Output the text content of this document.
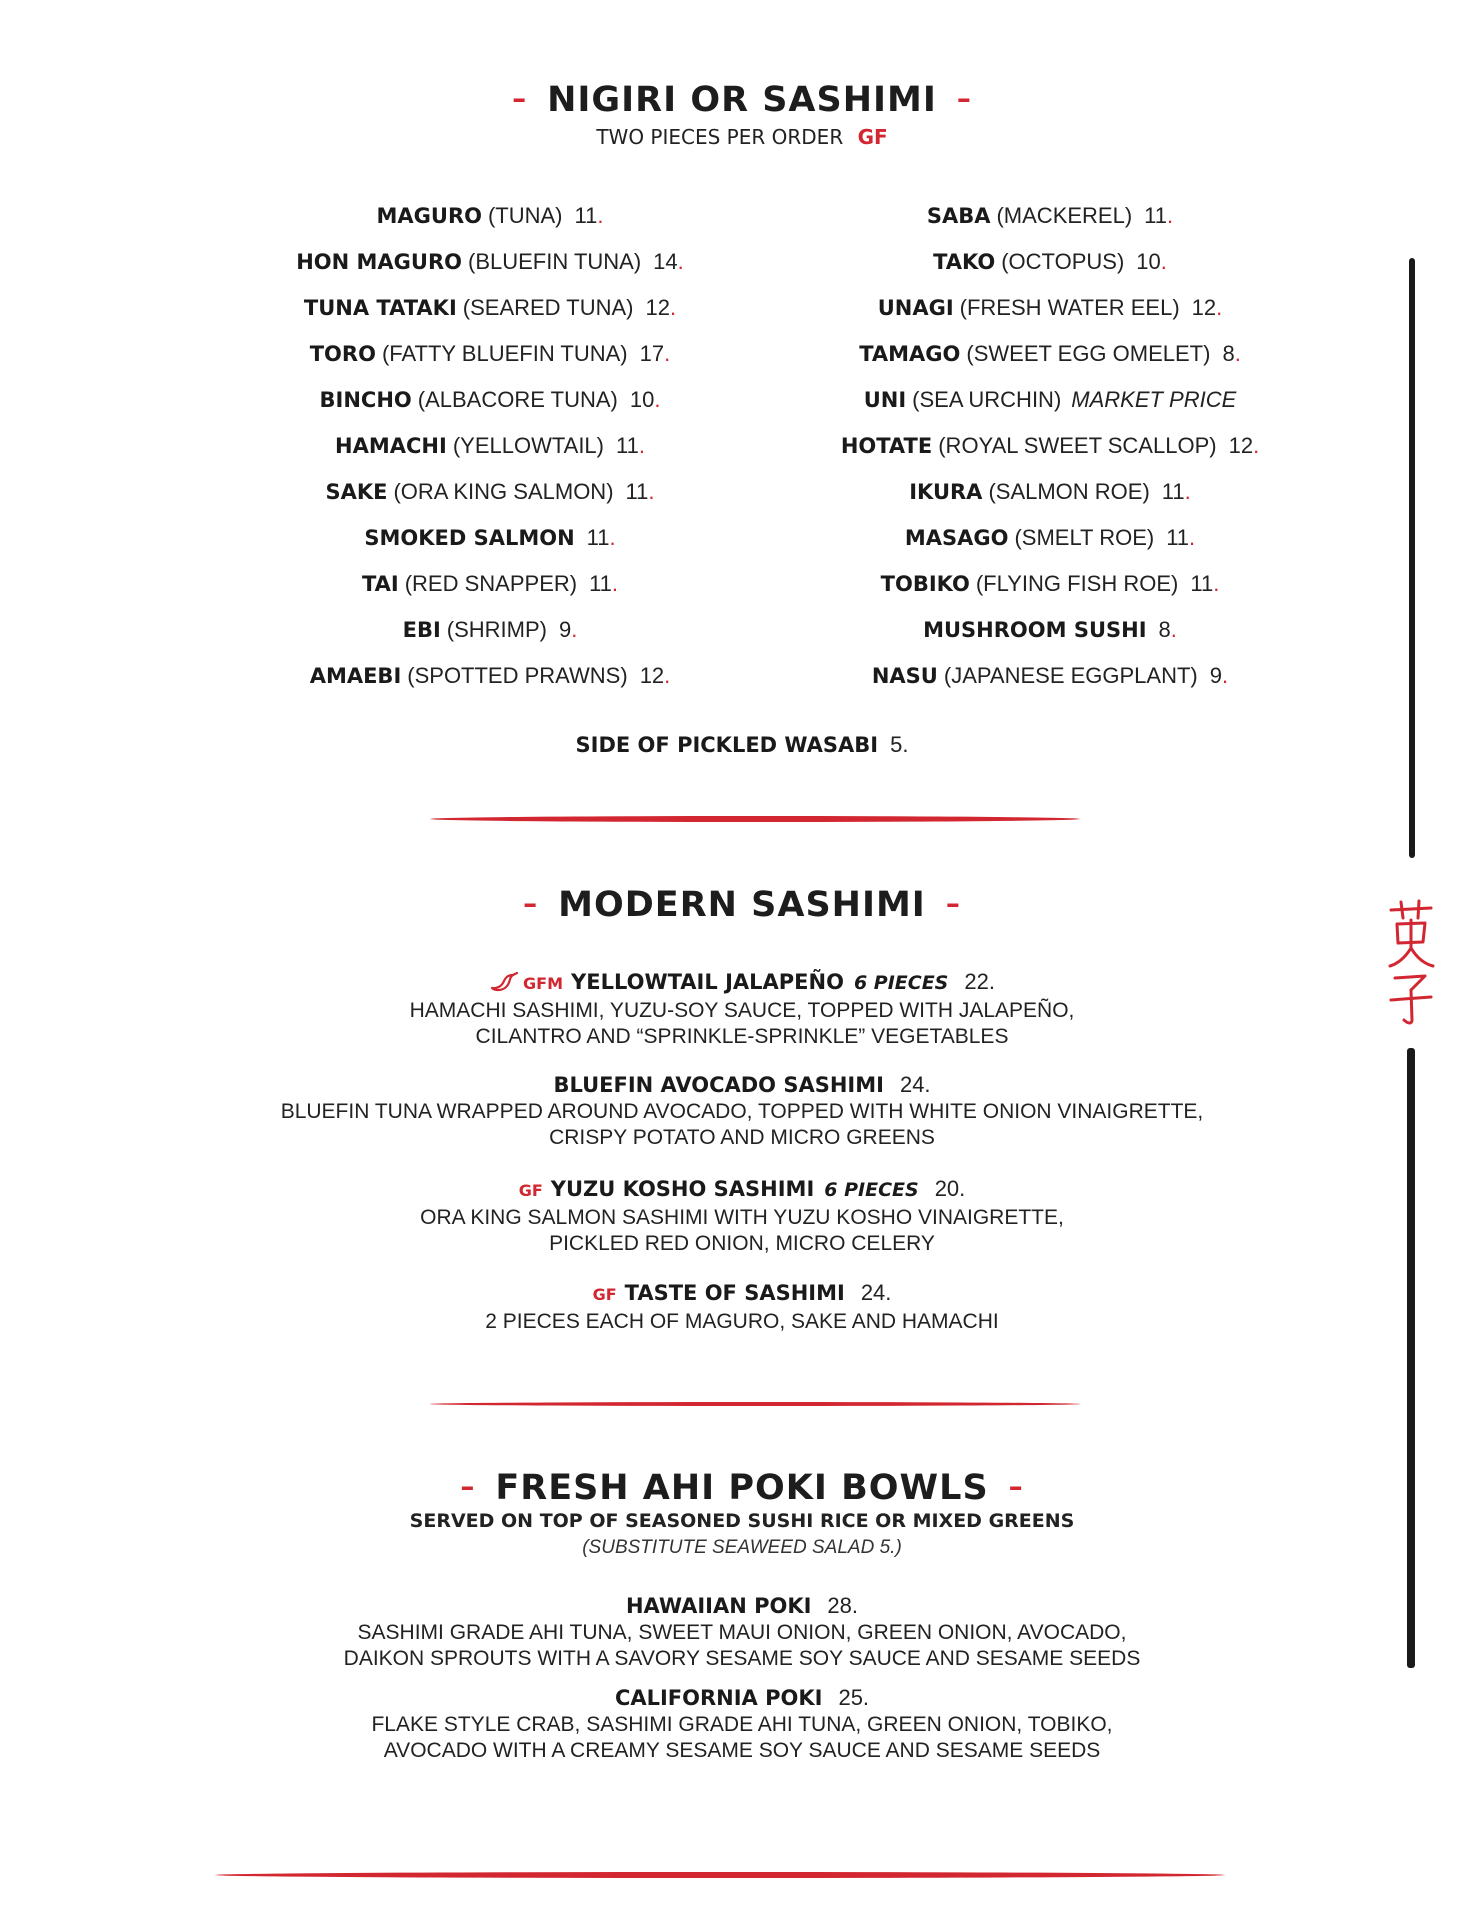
– NIGIRI OR SASHIMI –
TWO PIECES PER ORDER GF
MAGURO (TUNA) 11.
HON MAGURO (BLUEFIN TUNA) 14.
TUNA TATAKI (SEARED TUNA) 12.
TORO (FATTY BLUEFIN TUNA) 17.
BINCHO (ALBACORE TUNA) 10.
HAMACHI (YELLOWTAIL) 11.
SAKE (ORA KING SALMON) 11.
SMOKED SALMON 11.
TAI (RED SNAPPER) 11.
EBI (SHRIMP) 9.
AMAEBI (SPOTTED PRAWNS) 12.
SABA (MACKEREL) 11.
TAKO (OCTOPUS) 10.
UNAGI (FRESH WATER EEL) 12.
TAMAGO (SWEET EGG OMELET) 8.
UNI (SEA URCHIN) MARKET PRICE
HOTATE (ROYAL SWEET SCALLOP) 12.
IKURA (SALMON ROE) 11.
MASAGO (SMELT ROE) 11.
TOBIKO (FLYING FISH ROE) 11.
MUSHROOM SUSHI 8.
NASU (JAPANESE EGGPLANT) 9.
SIDE OF PICKLED WASABI 5.
– MODERN SASHIMI –
GFM YELLOWTAIL JALAPEÑO 6 PIECES 22.
HAMACHI SASHIMI, YUZU-SOY SAUCE, TOPPED WITH JALAPEÑO,
CILANTRO AND “SPRINKLE-SPRINKLE” VEGETABLES
BLUEFIN AVOCADO SASHIMI 24.
BLUEFIN TUNA WRAPPED AROUND AVOCADO, TOPPED WITH WHITE ONION VINAIGRETTE,
CRISPY POTATO AND MICRO GREENS
GF YUZU KOSHO SASHIMI 6 PIECES 20.
ORA KING SALMON SASHIMI WITH YUZU KOSHO VINAIGRETTE,
PICKLED RED ONION, MICRO CELERY
GF TASTE OF SASHIMI 24.
2 PIECES EACH OF MAGURO, SAKE AND HAMACHI
– FRESH AHI POKI BOWLS –
SERVED ON TOP OF SEASONED SUSHI RICE OR MIXED GREENS
(SUBSTITUTE SEAWEED SALAD 5.)
HAWAIIAN POKI 28.
SASHIMI GRADE AHI TUNA, SWEET MAUI ONION, GREEN ONION, AVOCADO,
DAIKON SPROUTS WITH A SAVORY SESAME SOY SAUCE AND SESAME SEEDS
CALIFORNIA POKI 25.
FLAKE STYLE CRAB, SASHIMI GRADE AHI TUNA, GREEN ONION, TOBIKO,
AVOCADO WITH A CREAMY SESAME SOY SAUCE AND SESAME SEEDS
